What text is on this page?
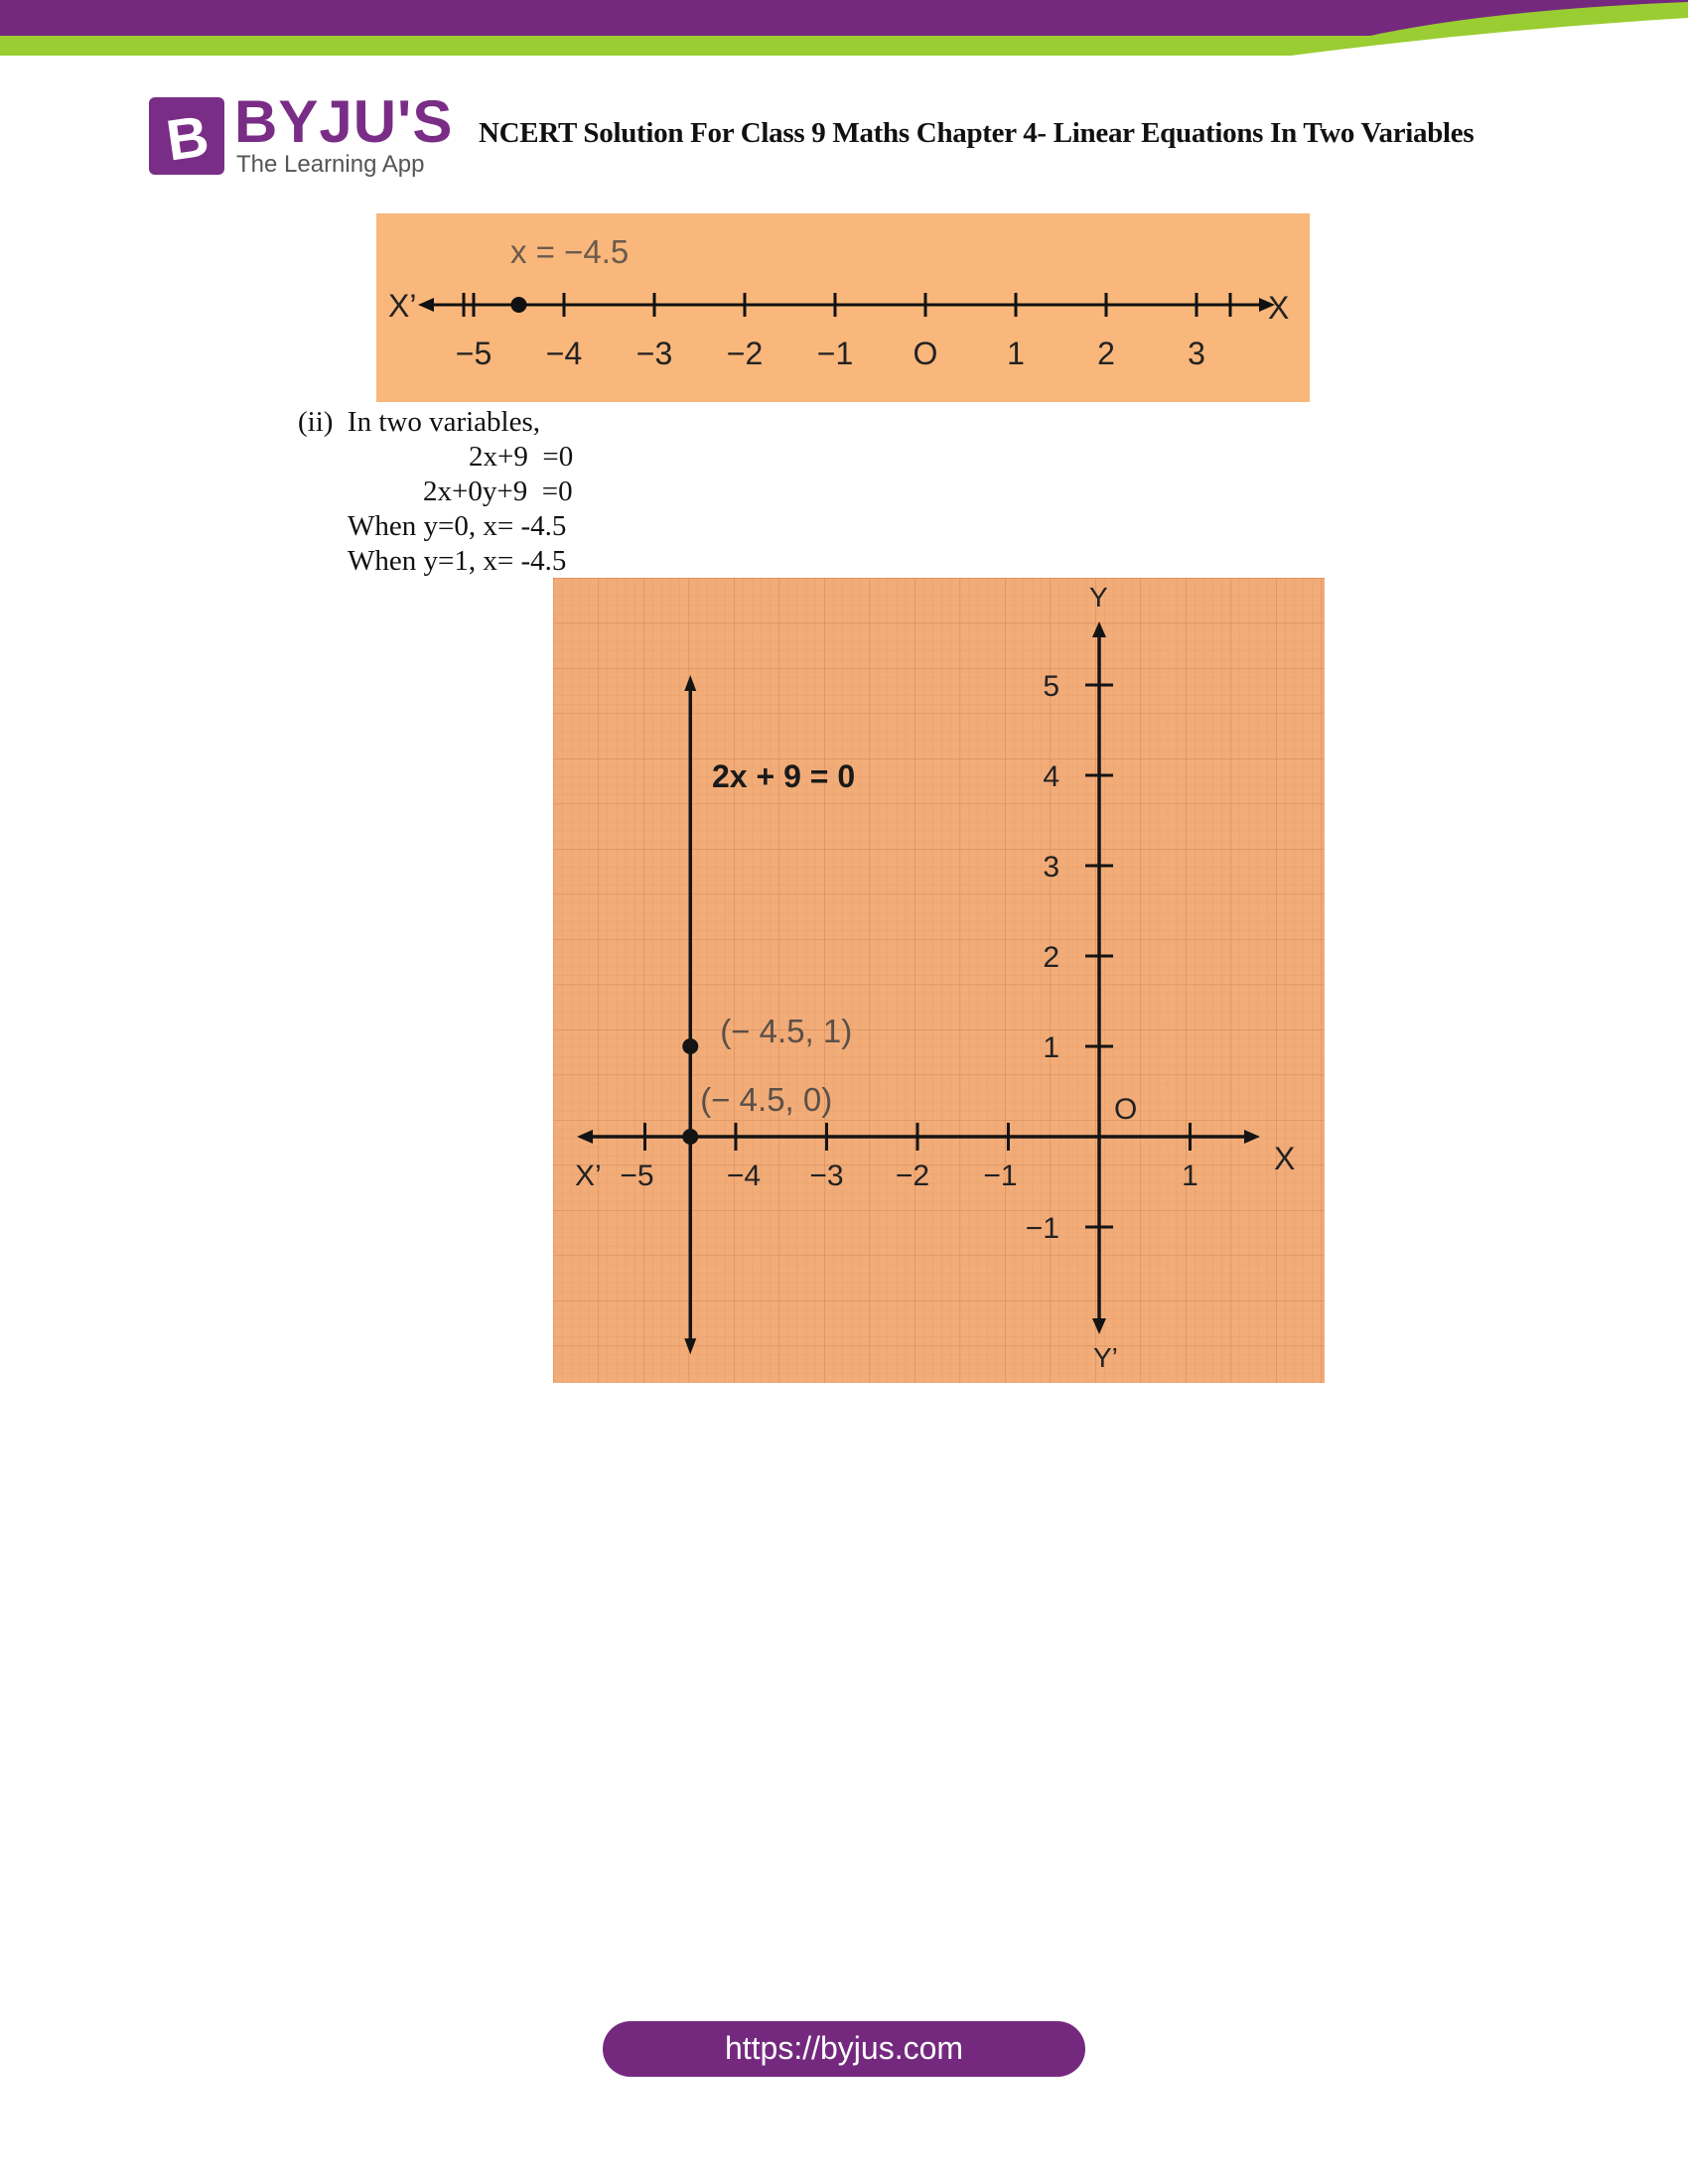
B BYJU'S
The Learning App
NCERT Solution For Class 9 Maths Chapter 4- Linear Equations In Two Variables
x = −4.5
X’	X
−5 −4 −3 −2 −1 O 1 2 3
(ii)  In two variables,
2x+9  =0
2x+0y+9  =0
When y=0, x= -4.5
When y=1, x= -4.5
X’	X
Y
Y’
O
−5 −4 −3 −2 −1	1
5
4
3
2
1
−1
2x + 9 = 0
(− 4.5, 1)
(− 4.5, 0)
https://byjus.com
